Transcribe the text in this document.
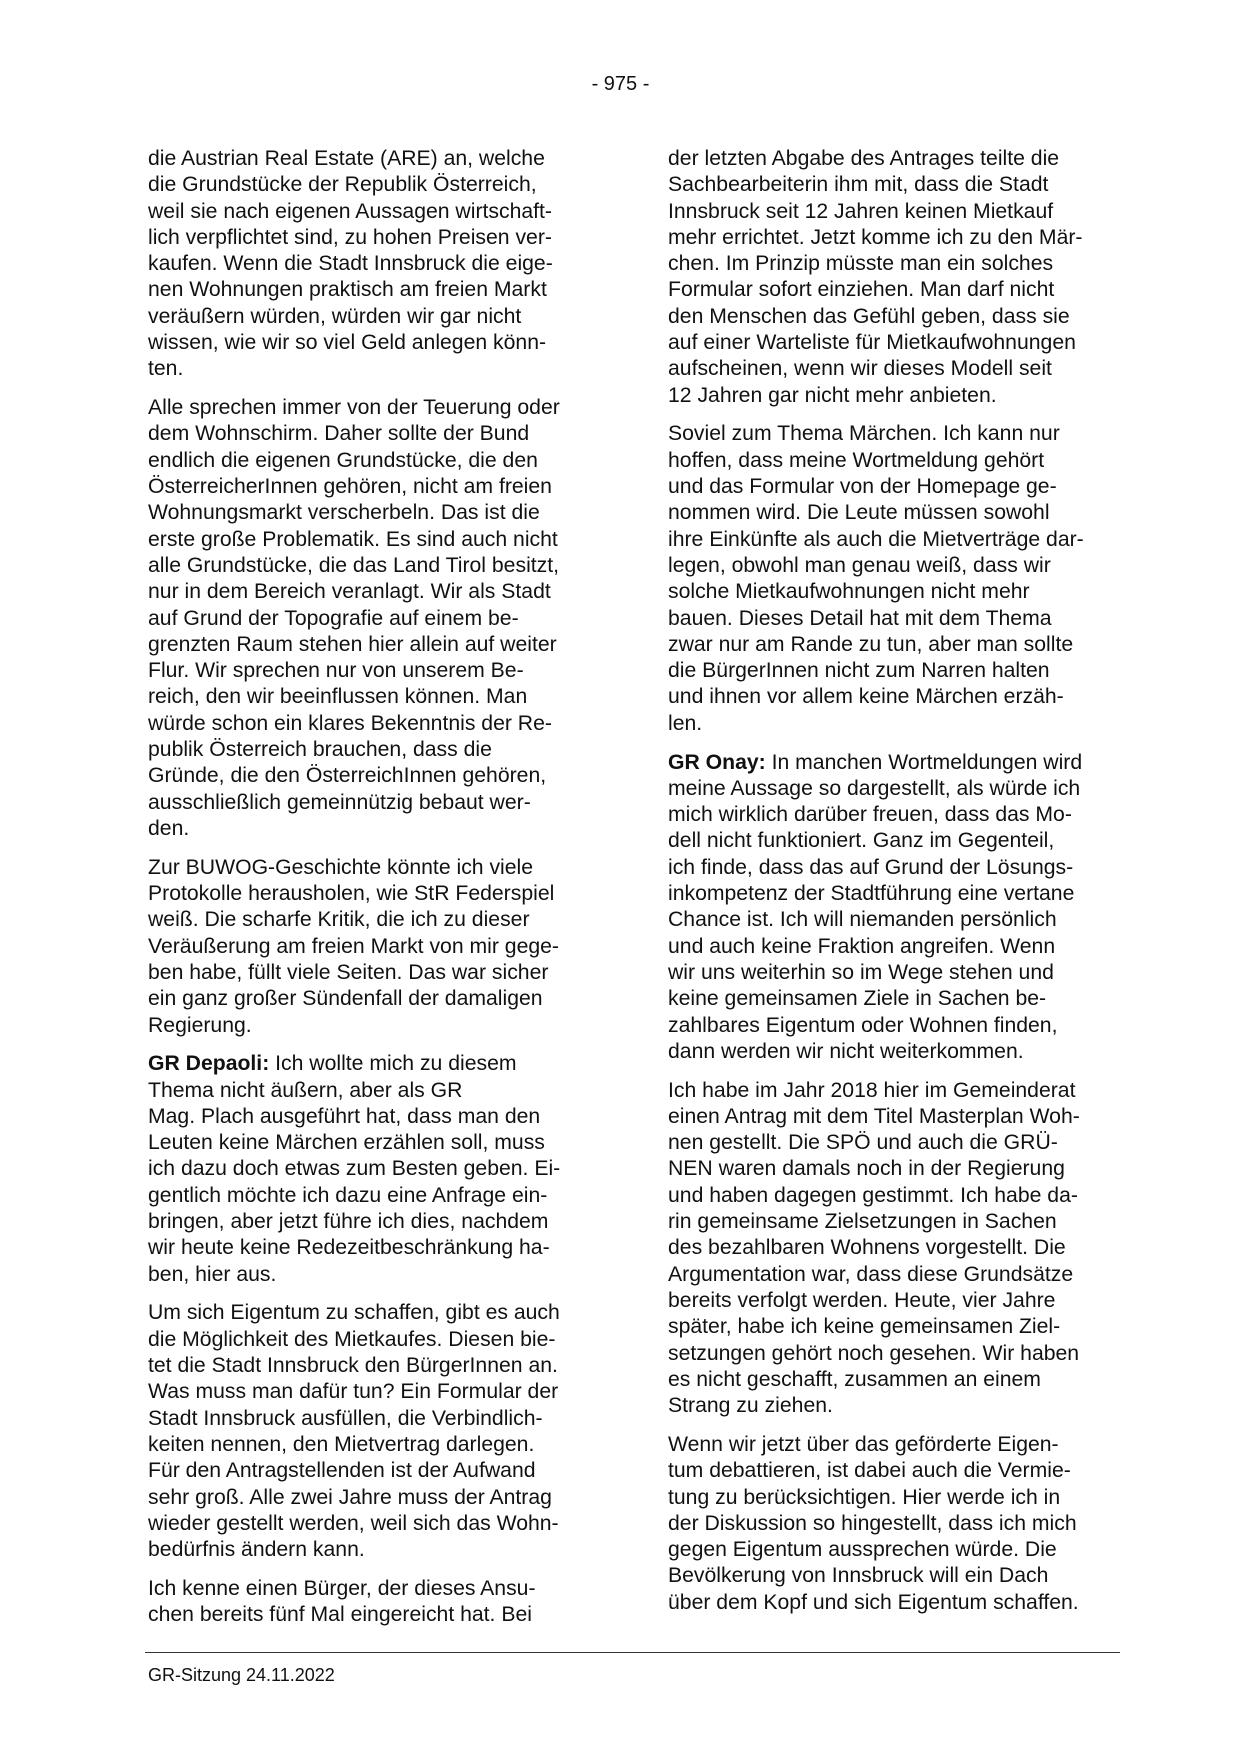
- 975 -

die Austrian Real Estate (ARE) an, welche
die Grundstücke der Republik Österreich,
weil sie nach eigenen Aussagen wirtschaft-
lich verpflichtet sind, zu hohen Preisen ver-
kaufen. Wenn die Stadt Innsbruck die eige-
nen Wohnungen praktisch am freien Markt
veräußern würden, würden wir gar nicht
wissen, wie wir so viel Geld anlegen könn-
ten.

Alle sprechen immer von der Teuerung oder
dem Wohnschirm. Daher sollte der Bund
endlich die eigenen Grundstücke, die den
ÖsterreicherInnen gehören, nicht am freien
Wohnungsmarkt verscherbeln. Das ist die
erste große Problematik. Es sind auch nicht
alle Grundstücke, die das Land Tirol besitzt,
nur in dem Bereich veranlagt. Wir als Stadt
auf Grund der Topografie auf einem be-
grenzten Raum stehen hier allein auf weiter
Flur. Wir sprechen nur von unserem Be-
reich, den wir beeinflussen können. Man
würde schon ein klares Bekenntnis der Re-
publik Österreich brauchen, dass die
Gründe, die den ÖsterreichInnen gehören,
ausschließlich gemeinnützig bebaut wer-
den.

Zur BUWOG-Geschichte könnte ich viele
Protokolle herausholen, wie StR Federspiel
weiß. Die scharfe Kritik, die ich zu dieser
Veräußerung am freien Markt von mir gege-
ben habe, füllt viele Seiten. Das war sicher
ein ganz großer Sündenfall der damaligen
Regierung.

GR Depaoli: Ich wollte mich zu diesem
Thema nicht äußern, aber als GR
Mag. Plach ausgeführt hat, dass man den
Leuten keine Märchen erzählen soll, muss
ich dazu doch etwas zum Besten geben. Ei-
gentlich möchte ich dazu eine Anfrage ein-
bringen, aber jetzt führe ich dies, nachdem
wir heute keine Redezeitbeschränkung ha-
ben, hier aus.

Um sich Eigentum zu schaffen, gibt es auch
die Möglichkeit des Mietkaufes. Diesen bie-
tet die Stadt Innsbruck den BürgerInnen an.
Was muss man dafür tun? Ein Formular der
Stadt Innsbruck ausfüllen, die Verbindlich-
keiten nennen, den Mietvertrag darlegen.
Für den Antragstellenden ist der Aufwand
sehr groß. Alle zwei Jahre muss der Antrag
wieder gestellt werden, weil sich das Wohn-
bedürfnis ändern kann.

Ich kenne einen Bürger, der dieses Ansu-
chen bereits fünf Mal eingereicht hat. Bei

der letzten Abgabe des Antrages teilte die
Sachbearbeiterin ihm mit, dass die Stadt
Innsbruck seit 12 Jahren keinen Mietkauf
mehr errichtet. Jetzt komme ich zu den Mär-
chen. Im Prinzip müsste man ein solches
Formular sofort einziehen. Man darf nicht
den Menschen das Gefühl geben, dass sie
auf einer Warteliste für Mietkaufwohnungen
aufscheinen, wenn wir dieses Modell seit
12 Jahren gar nicht mehr anbieten.

Soviel zum Thema Märchen. Ich kann nur
hoffen, dass meine Wortmeldung gehört
und das Formular von der Homepage ge-
nommen wird. Die Leute müssen sowohl
ihre Einkünfte als auch die Mietverträge dar-
legen, obwohl man genau weiß, dass wir
solche Mietkaufwohnungen nicht mehr
bauen. Dieses Detail hat mit dem Thema
zwar nur am Rande zu tun, aber man sollte
die BürgerInnen nicht zum Narren halten
und ihnen vor allem keine Märchen erzäh-
len.

GR Onay: In manchen Wortmeldungen wird
meine Aussage so dargestellt, als würde ich
mich wirklich darüber freuen, dass das Mo-
dell nicht funktioniert. Ganz im Gegenteil,
ich finde, dass das auf Grund der Lösungs-
inkompetenz der Stadtführung eine vertane
Chance ist. Ich will niemanden persönlich
und auch keine Fraktion angreifen. Wenn
wir uns weiterhin so im Wege stehen und
keine gemeinsamen Ziele in Sachen be-
zahlbares Eigentum oder Wohnen finden,
dann werden wir nicht weiterkommen.

Ich habe im Jahr 2018 hier im Gemeinderat
einen Antrag mit dem Titel Masterplan Woh-
nen gestellt. Die SPÖ und auch die GRÜ-
NEN waren damals noch in der Regierung
und haben dagegen gestimmt. Ich habe da-
rin gemeinsame Zielsetzungen in Sachen
des bezahlbaren Wohnens vorgestellt. Die
Argumentation war, dass diese Grundsätze
bereits verfolgt werden. Heute, vier Jahre
später, habe ich keine gemeinsamen Ziel-
setzungen gehört noch gesehen. Wir haben
es nicht geschafft, zusammen an einem
Strang zu ziehen.

Wenn wir jetzt über das geförderte Eigen-
tum debattieren, ist dabei auch die Vermie-
tung zu berücksichtigen. Hier werde ich in
der Diskussion so hingestellt, dass ich mich
gegen Eigentum aussprechen würde. Die
Bevölkerung von Innsbruck will ein Dach
über dem Kopf und sich Eigentum schaffen.

GR-Sitzung 24.11.2022
